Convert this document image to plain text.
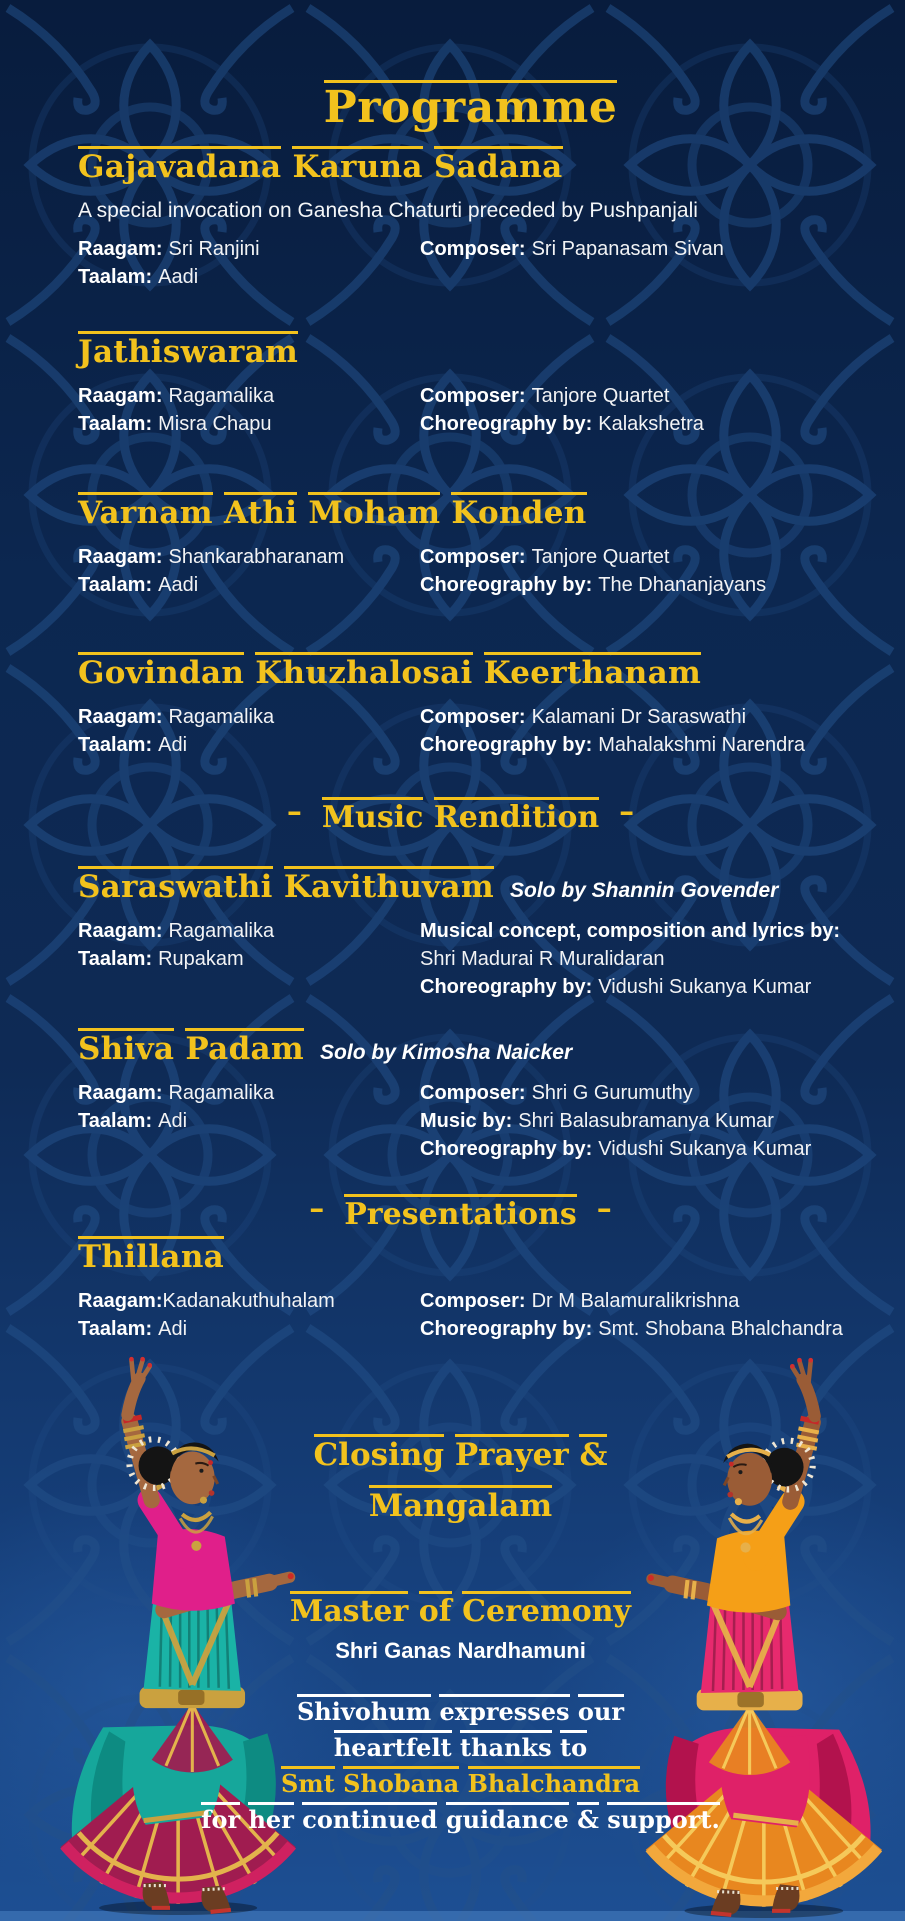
Programme
Gajavadana Karuna Sadana
A special invocation on Ganesha Chaturti preceded by Pushpanjali
Raagam: Sri Ranjini
Taalam: Aadi
Composer: Sri Papanasam Sivan
Jathiswaram
Raagam: Ragamalika
Taalam: Misra Chapu
Composer: Tanjore Quartet
Choreography by: Kalakshetra
Varnam Athi Moham Konden
Raagam: Shankarabharanam
Taalam: Aadi
Composer: Tanjore Quartet
Choreography by: The Dhananjayans
Govindan Khuzhalosai Keerthanam
Raagam: Ragamalika
Taalam: Adi
Composer: Kalamani Dr Saraswathi
Choreography by: Mahalakshmi Narendra
– Music Rendition –
Saraswathi Kavithuvam Solo by Shannin Govender
Raagam: Ragamalika
Taalam: Rupakam
Musical concept, composition and lyrics by:
Shri Madurai R Muralidaran
Choreography by: Vidushi Sukanya Kumar
Shiva Padam Solo by Kimosha Naicker
Raagam: Ragamalika
Taalam: Adi
Composer: Shri G Gurumuthy
Music by: Shri Balasubramanya Kumar
Choreography by: Vidushi Sukanya Kumar
– Presentations –
Thillana
Raagam:Kadanakuthuhalam
Taalam: Adi
Composer: Dr M Balamuralikrishna
Choreography by: Smt. Shobana Bhalchandra
Closing Prayer &
Mangalam
Master of Ceremony
Shri Ganas Nardhamuni
Shivohum expresses our
heartfelt thanks to
Smt Shobana Bhalchandra
for her continued guidance & support.
